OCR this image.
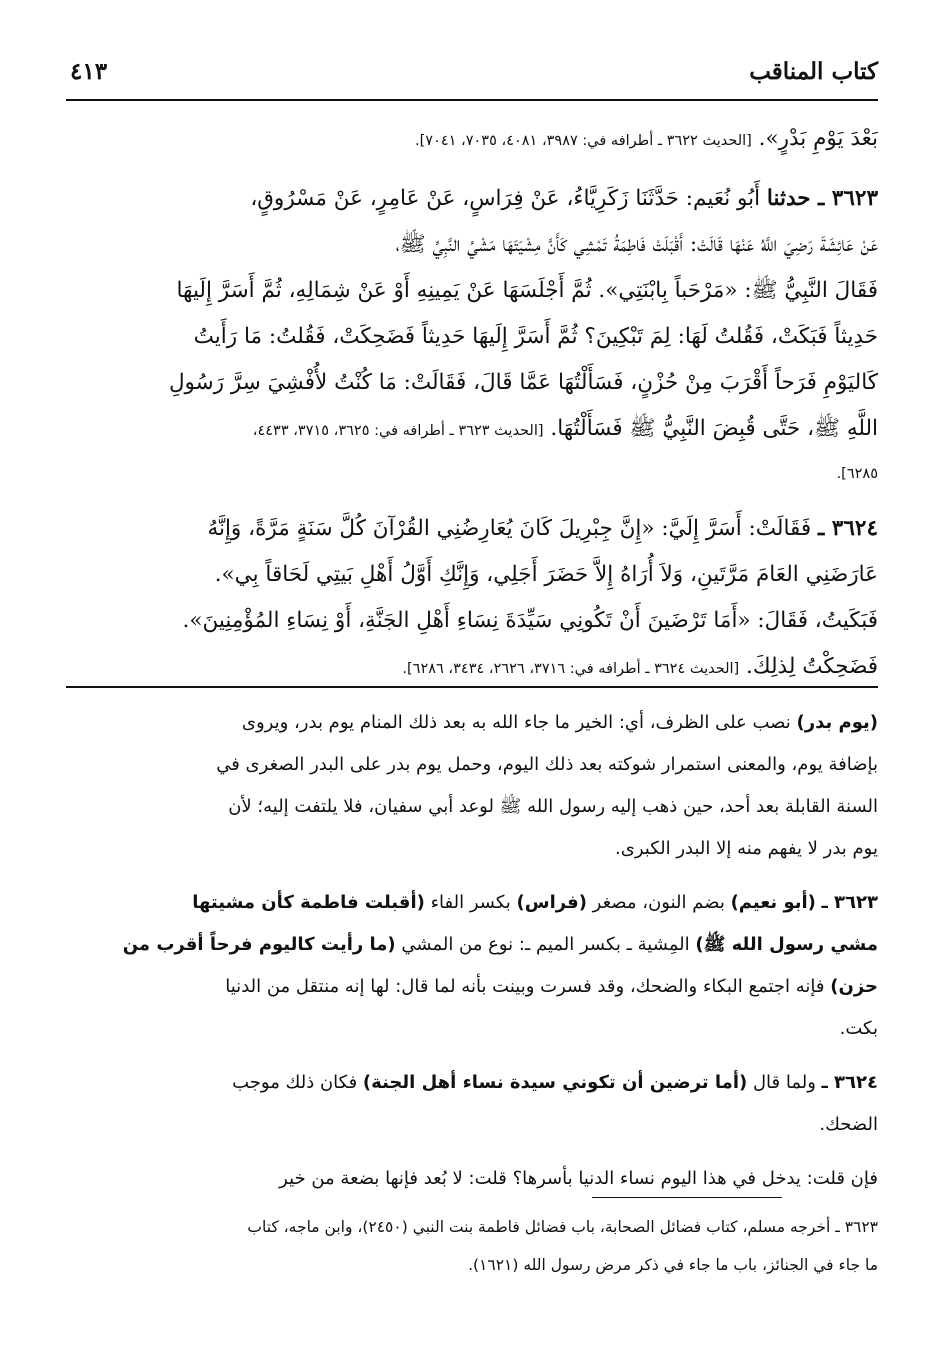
كتاب المناقب
٤١٣
بَعْدَ يَوْمِ بَدْرٍ». [الحديث ٣٦٢٢ ـ أطرافه في: ٣٩٨٧، ٤٠٨١، ٧٠٣٥، ٧٠٤١].
٣٦٢٣ ـ حدثنا أَبُو نُعَيم: حَدَّثَنَا زَكَرِيَّاءُ، عَنْ فِرَاسٍ، عَنْ عَامِرٍ، عَنْ مَسْرُوقٍ،
عَنْ عَائِشَةَ رَضِيَ اللَّهُ عَنْهَا قَالَتْ: أَقْبَلَتْ فَاطِمَةُ تَمْشِي كَأَنَّ مِشْيَتَهَا مَشْيُ النَّبِيِّ ﷺ،
فَقَالَ النَّبِيُّ ﷺ: «مَرْحَباً بِابْنَتِي». ثُمَّ أَجْلَسَهَا عَنْ يَمِينِهِ أَوْ عَنْ شِمَالِهِ، ثُمَّ أَسَرَّ إِلَيهَا
حَدِيثاً فَبَكَتْ، فَقُلتُ لَهَا: لِمَ تَبْكِينَ؟ ثُمَّ أَسَرَّ إِلَيهَا حَدِيثاً فَضَحِكَتْ، فَقُلتُ: مَا رَأَيتُ
كَاليَوْمِ فَرَحاً أَقْرَبَ مِنْ حُزْنٍ، فَسَأَلْتُهَا عَمَّا قَالَ، فَقَالَتْ: مَا كُنْتُ لأُفْشِيَ سِرَّ رَسُولِ
اللَّهِ ﷺ، حَتَّى قُبِضَ النَّبِيُّ ﷺ فَسَأَلْتُهَا. [الحديث ٣٦٢٣ ـ أطرافه في: ٣٦٢٥، ٣٧١٥، ٤٤٣٣،
٦٢٨٥].
٣٦٢٤ ـ فَقَالَتْ: أَسَرَّ إِلَيَّ: «إِنَّ جِبْرِيلَ كَانَ يُعَارِضُنِي القُرْآنَ كُلَّ سَنَةٍ مَرَّةً، وَإِنَّهُ
عَارَضَنِي العَامَ مَرَّتَينِ، وَلاَ أُرَاهُ إِلاَّ حَضَرَ أَجَلِي، وَإِنَّكِ أَوَّلُ أَهْلِ بَيتِي لَحَاقاً بِي».
فَبَكَيتُ، فَقَالَ: «أَمَا تَرْضَينَ أَنْ تَكُونِي سَيِّدَةَ نِسَاءِ أَهْلِ الجَنَّةِ، أَوْ نِسَاءِ المُؤْمِنِينَ».
فَضَحِكْتُ لِذلِكَ. [الحديث ٣٦٢٤ ـ أطرافه في: ٣٧١٦، ٢٦٢٦، ٣٤٣٤، ٦٢٨٦].
(يوم بدر) نصب على الظرف، أي: الخير ما جاء الله به بعد ذلك المنام يوم بدر، ويروى
بإضافة يوم، والمعنى استمرار شوكته بعد ذلك اليوم، وحمل يوم بدر على البدر الصغرى في
السنة القابلة بعد أحد، حين ذهب إليه رسول الله ﷺ لوعد أبي سفيان، فلا يلتفت إليه؛ لأن
يوم بدر لا يفهم منه إلا البدر الكبرى.
٣٦٢٣ ـ (أبو نعيم) بضم النون، مصغر (فراس) بكسر الفاء (أقبلت فاطمة كأن مشيتها
مشي رسول الله ﷺ) المِشية ـ بكسر الميم ـ: نوع من المشي (ما رأيت كاليوم فرحاً أقرب من
حزن) فإنه اجتمع البكاء والضحك، وقد فسرت وبينت بأنه لما قال: لها إنه منتقل من الدنيا
بكت.
٣٦٢٤ ـ ولما قال (أما ترضين أن تكوني سيدة نساء أهل الجنة) فكان ذلك موجب
الضحك.
فإن قلت: يدخل في هذا اليوم نساء الدنيا بأسرها؟ قلت: لا بُعد فإنها بضعة من خير
٣٦٢٣ ـ أخرجه مسلم، كتاب فضائل الصحابة، باب فضائل فاطمة بنت النبي (٢٤٥٠)، وابن ماجه، كتاب
ما جاء في الجنائز، باب ما جاء في ذكر مرض رسول الله (١٦٢١).
